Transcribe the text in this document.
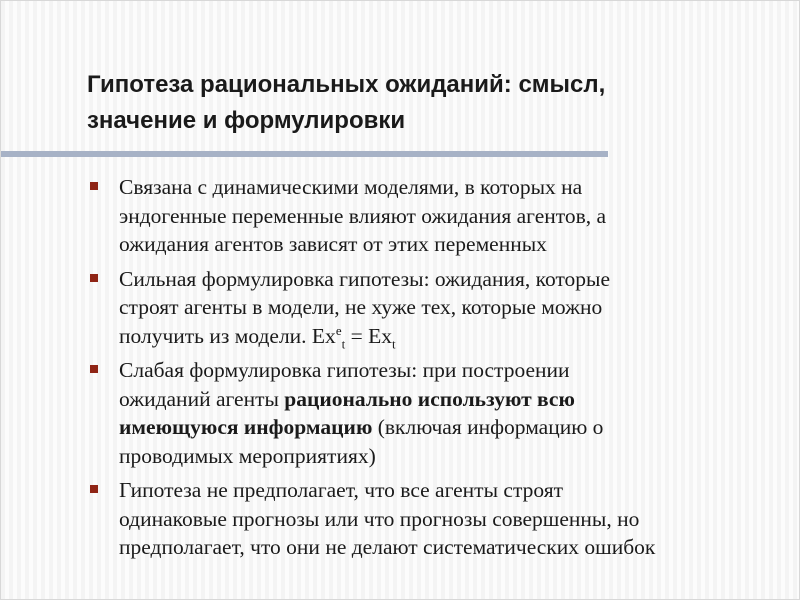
Гипотеза рациональных ожиданий: смысл,
значение и формулировки
Связана с динамическими моделями, в которых на
эндогенные переменные влияют ожидания агентов, а
ожидания агентов зависят от этих переменных
Сильная формулировка гипотезы: ожидания, которые
строят агенты в модели, не хуже тех, которые можно
получить из модели. $Ex^e_t = Ex_t$
Слабая формулировка гипотезы: при построении
ожиданий агенты рационально используют всю
имеющуюся информацию (включая информацию о
проводимых мероприятиях)
Гипотеза не предполагает, что все агенты строят
одинаковые прогнозы или что прогнозы совершенны, но
предполагает, что они не делают систематических ошибок
